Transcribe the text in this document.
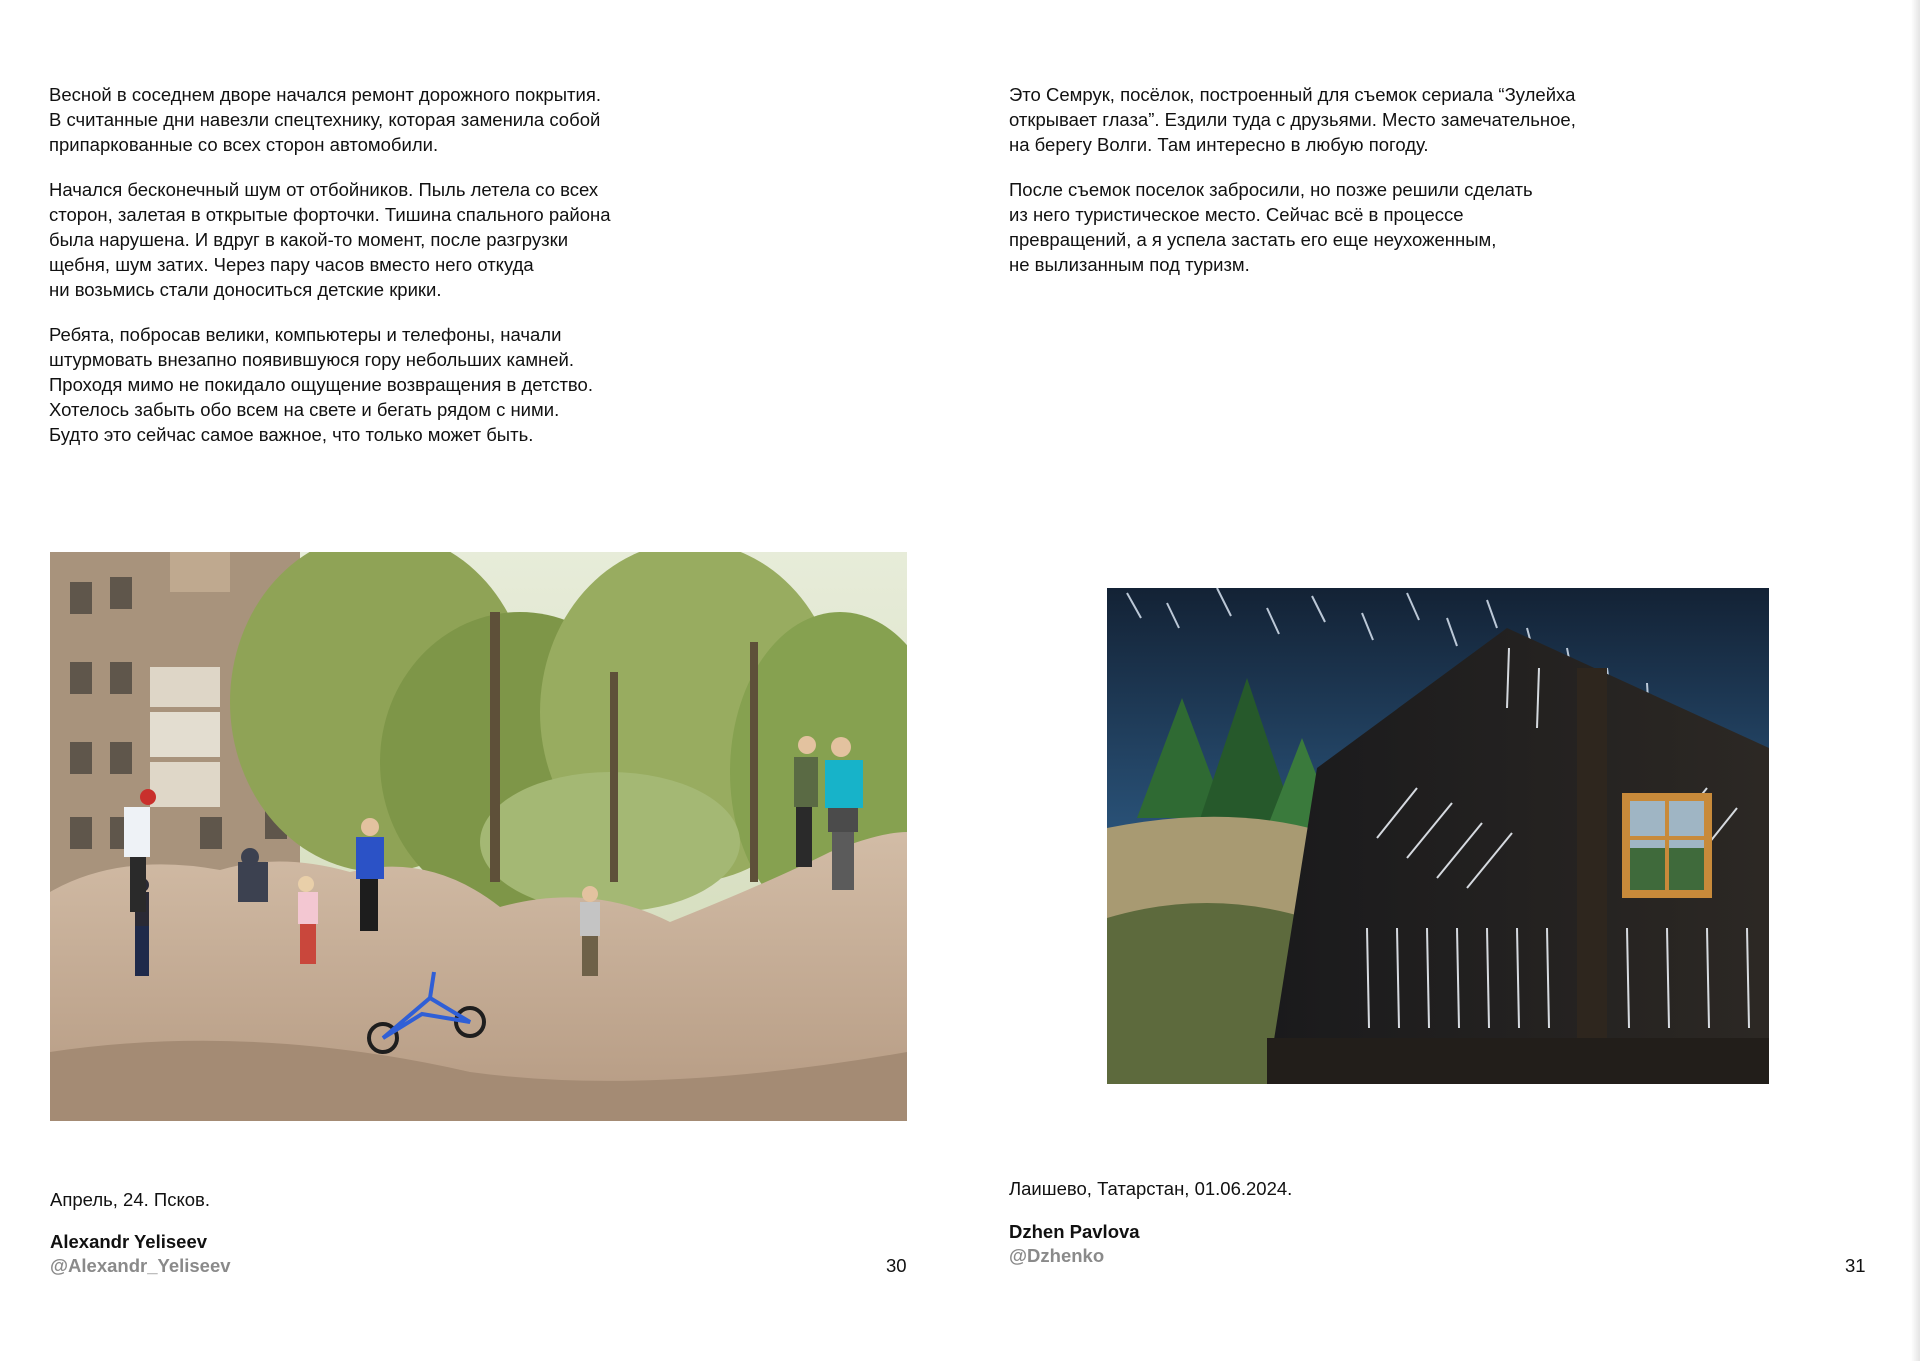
Весной в соседнем дворе начался ремонт дорожного покрытия.
В считанные дни навезли спецтехнику, которая заменила собой
припаркованные со всех сторон автомобили.

Начался бесконечный шум от отбойников. Пыль летела со всех
сторон, залетая в открытые форточки. Тишина спального района
была нарушена. И вдруг в какой-то момент, после разгрузки
щебня, шум затих. Через пару часов вместо него откуда
ни возьмись стали доноситься детские крики.

Ребята, побросав велики, компьютеры и телефоны, начали
штурмовать внезапно появившуюся гору небольших камней.
Проходя мимо не покидало ощущение возвращения в детство.
Хотелось забыть обо всем на свете и бегать рядом с ними.
Будто это сейчас самое важное, что только может быть.

Апрель, 24. Псков.

Alexandr Yeliseev

@Alexandr_Yeliseev	30

Это Семрук, посёлок, построенный для съемок сериала “Зулейха
открывает глаза”. Ездили туда с друзьями. Место замечательное,
на берегу Волги. Там интересно в любую погоду.

После съемок поселок забросили, но позже решили сделать
из него туристическое место. Сейчас всё в процессе
превращений, а я успела застать его еще неухоженным,
не вылизанным под туризм.

Лаишево, Татарстан, 01.06.2024.

Dzhen Pavlova

@Dzhenko	31
